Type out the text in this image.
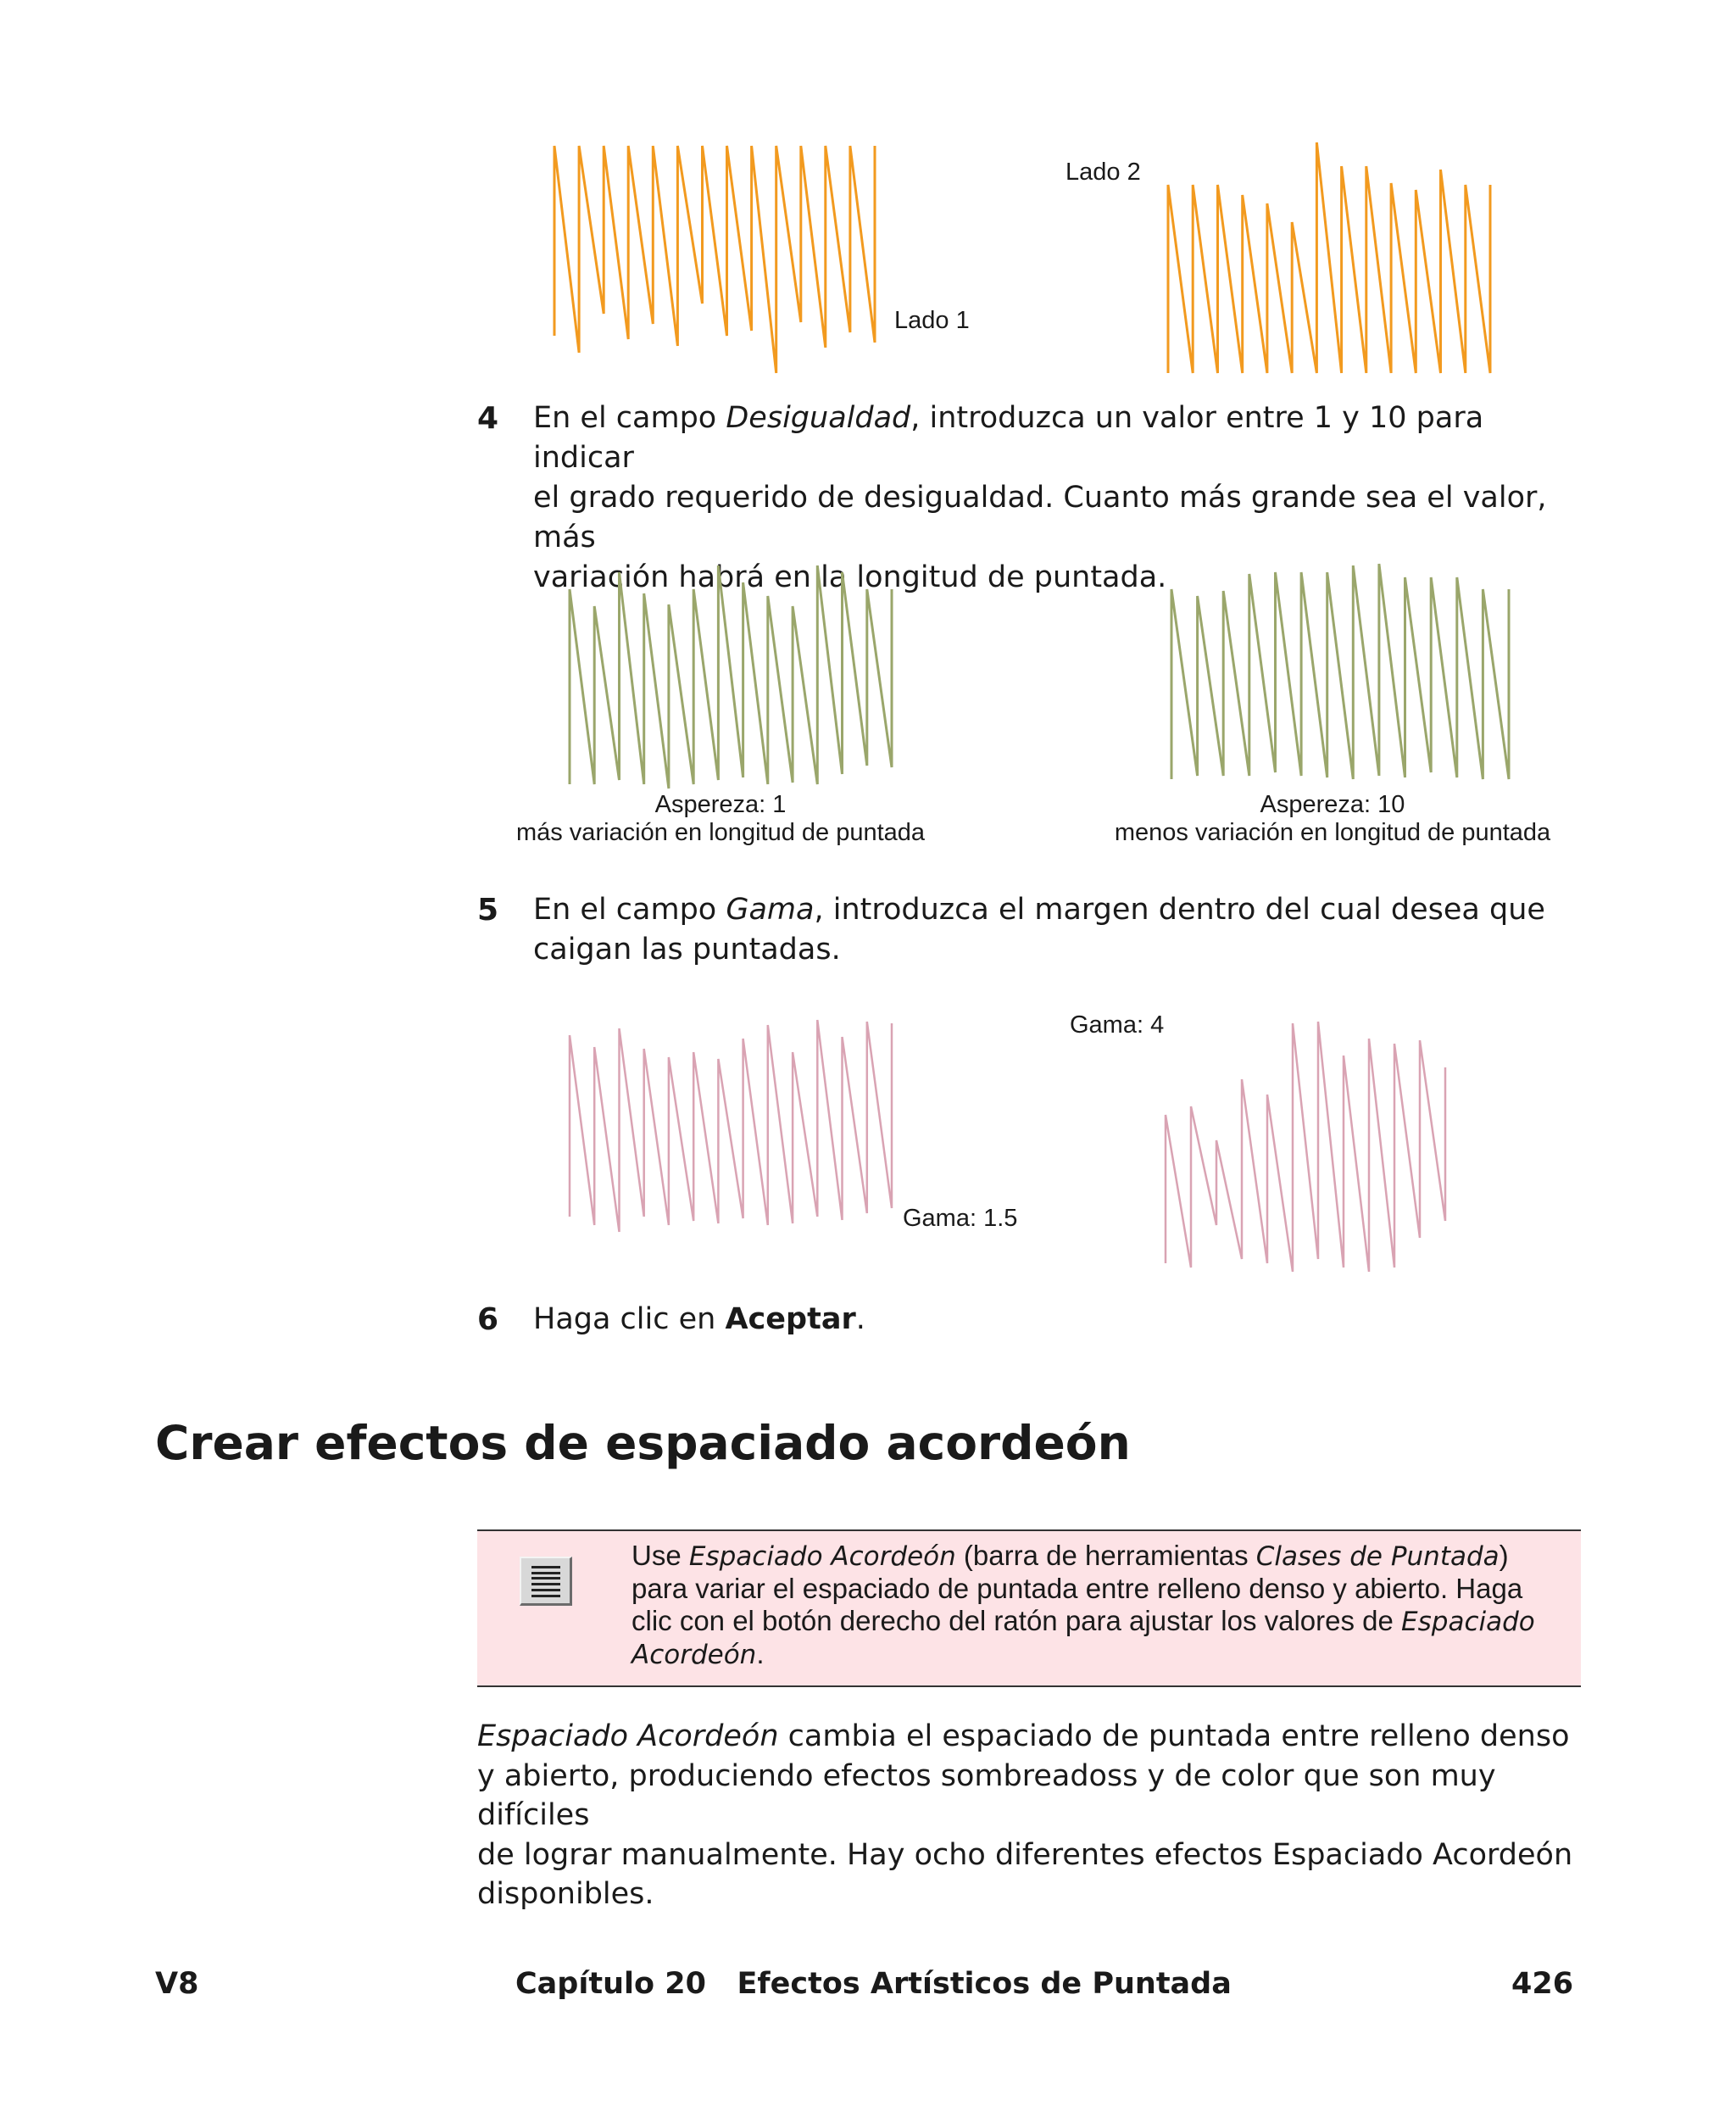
Lado 1
Lado 2
4 En el campo Desigualdad, introduzca un valor entre 1 y 10 para indicar

el grado requerido de desigualdad. Cuanto más grande sea el valor, más

variación habrá en la longitud de puntada.

Aspereza: 1
más variación en longitud de puntada
Aspereza: 10
menos variación en longitud de puntada
5 En el campo Gama, introduzca el margen dentro del cual desea que

caigan las puntadas.

Gama: 1.5
Gama: 4
6 Haga clic en Aceptar.

Crear efectos de espaciado acordeón
Use Espaciado Acordeón (barra de herramientas Clases de Puntada)
para variar el espaciado de puntada entre relleno denso y abierto. Haga
clic con el botón derecho del ratón para ajustar los valores de Espaciado
Acordeón.

Espaciado Acordeón cambia el espaciado de puntada entre relleno denso

y abierto, produciendo efectos sombreadoss y de color que son muy difíciles

de lograr manualmente. Hay ocho diferentes efectos Espaciado Acordeón

disponibles.

V8	Capítulo 20   Efectos Artísticos de Puntada	426
